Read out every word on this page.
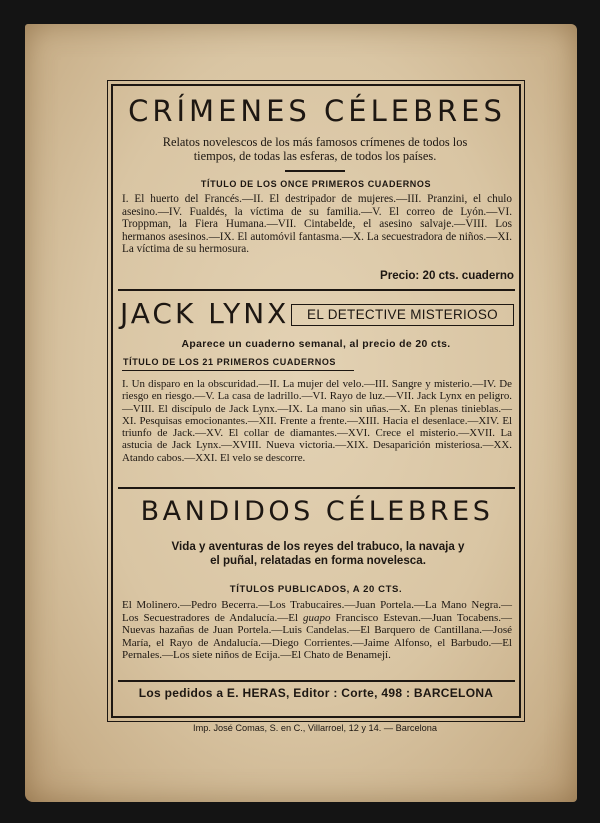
CRÍMENES CÉLEBRES
Relatos novelescos de los más famosos crímenes de todos los tiempos, de todas las esferas, de todos los países.
TÍTULO DE LOS ONCE PRIMEROS CUADERNOS
I. El huerto del Francés.—II. El destripador de mujeres.—III. Pranzini, el chulo asesino.—IV. Fualdés, la víctima de su familia.—V. El correo de Lyón.—VI. Troppman, la Fiera Humana.—VII. Cintabelde, el asesino salvaje.—VIII. Los hermanos asesinos.—IX. El automóvil fantasma.—X. La secuestradora de niños.—XI. La víctima de su hermosura.
Precio: 20 cts. cuaderno
JACK LYNX	EL DETECTIVE MISTERIOSO
Aparece un cuaderno semanal, al precio de 20 cts.
TÍTULO DE LOS 21 PRIMEROS CUADERNOS
I. Un disparo en la obscuridad.—II. La mujer del velo.—III. Sangre y misterio.—IV. De riesgo en riesgo.—V. La casa de ladrillo.—VI. Rayo de luz.—VII. Jack Lynx en peligro.—VIII. El discípulo de Jack Lynx.—IX. La mano sin uñas.—X. En plenas tinieblas.—XI. Pesquisas emocionantes.—XII. Frente a frente.—XIII. Hacia el desenlace.—XIV. El triunfo de Jack.—XV. El collar de diamantes.—XVI. Crece el misterio.—XVII. La astucia de Jack Lynx.—XVIII. Nueva victoria.—XIX. Desaparición misteriosa.—XX. Atando cabos.—XXI. El velo se descorre.
BANDIDOS CÉLEBRES
Vida y aventuras de los reyes del trabuco, la navaja y el puñal, relatadas en forma novelesca.
TÍTULOS PUBLICADOS, A 20 CTS.
El Molinero.—Pedro Becerra.—Los Trabucaires.—Juan Portela.—La Mano Negra.—Los Secuestradores de Andalucía.—El guapo Francisco Estevan.—Juan Tocabens.—Nuevas hazañas de Juan Portela.—Luis Candelas.—El Barquero de Cantillana.—José María, el Rayo de Andalucía.—Diego Corrientes.—Jaime Alfonso, el Barbudo.—El Pernales.—Los siete niños de Ecija.—El Chato de Benamejí.
Los pedidos a E. HERAS, Editor : Corte, 498 : BARCELONA
Imp. José Comas, S. en C., Villarroel, 12 y 14. — Barcelona
